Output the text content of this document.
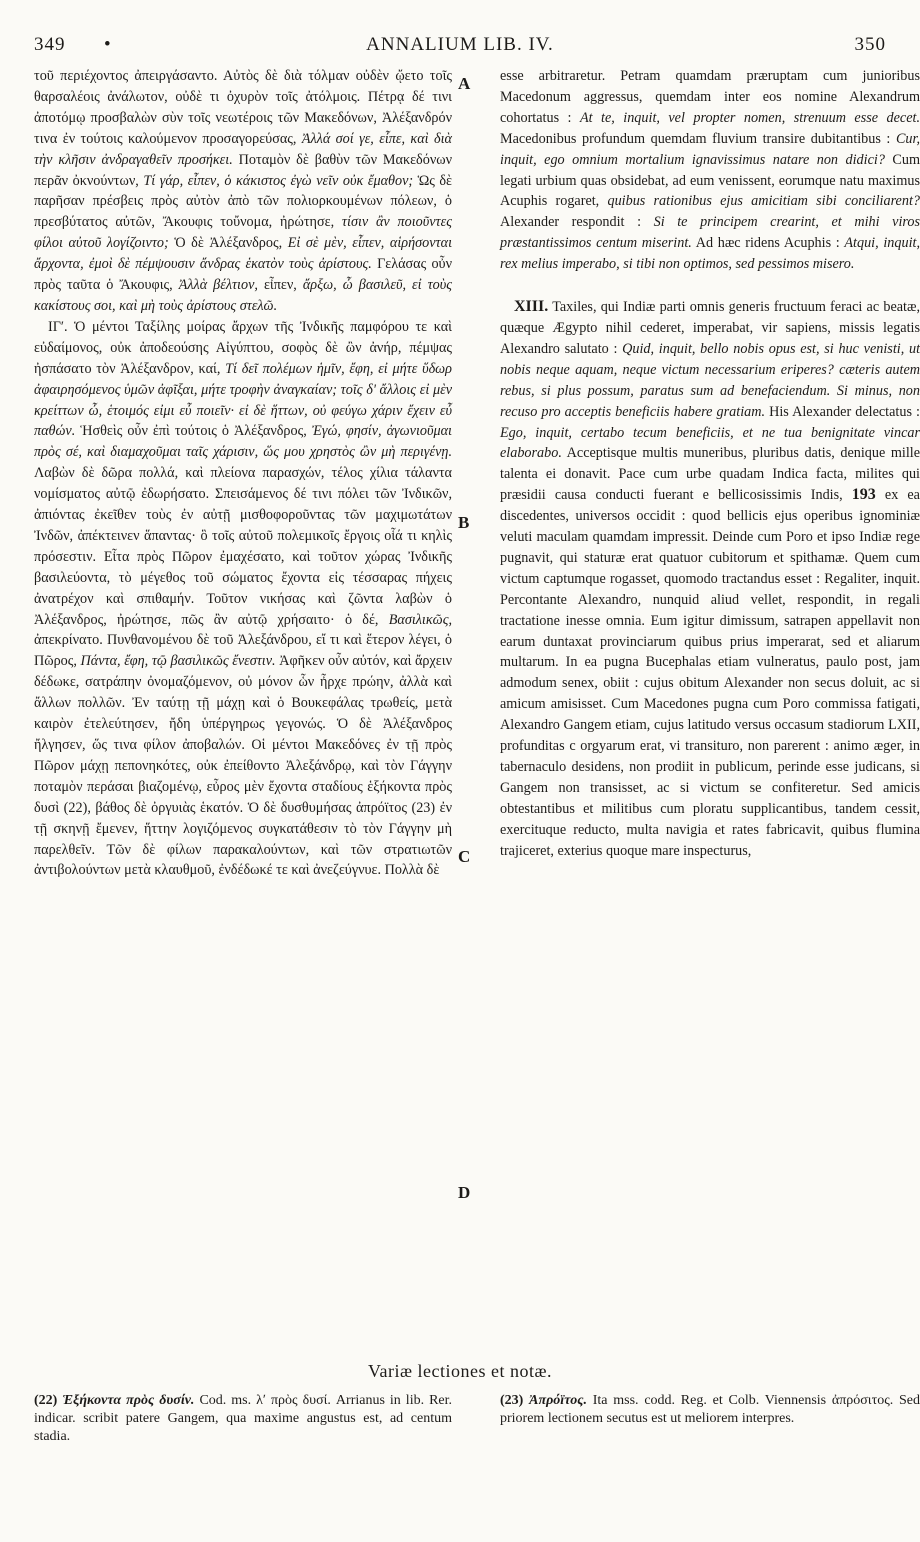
349 •	ANNALIUM LIB. IV.	350
A
B
C
D

τοῦ περιέχοντος ἀπειργάσαντο. Αὐτὸς δὲ διὰ τόλμαν οὐδὲν ᾤετο τοῖς θαρσαλέοις ἀνάλωτον, οὐδὲ τι ὀχυρὸν τοῖς ἀτόλμοις. Πέτρᾳ δέ τινι ἀποτόμῳ προσβαλὼν σὺν τοῖς νεωτέροις τῶν Μακεδόνων, Ἀλέξανδρόν τινα ἐν τούτοις καλούμενον προσαγορεύσας, Ἀλλά σοί γε, εἶπε, καὶ διὰ τὴν κλῆσιν ἀνδραγαθεῖν προσήκει. Ποταμὸν δὲ βαθὺν τῶν Μακεδόνων περᾶν ὀκνούντων, Τί γάρ, εἶπεν, ὁ κάκιστος ἐγὼ νεῖν οὐκ ἔμαθον; Ὡς δὲ παρῆσαν πρέσβεις πρὸς αὐτὸν ἀπὸ τῶν πολιορκουμένων πόλεων, ὁ πρεσβύτατος αὐτῶν, Ἄκουφις τοὔνομα, ἠρώτησε, τίσιν ἂν ποιοῦντες φίλοι αὐτοῦ λογίζοιντο; Ὁ δὲ Ἀλέξανδρος, Εἰ σὲ μὲν, εἶπεν, αἱρήσονται ἄρχοντα, ἐμοὶ δὲ πέμψουσιν ἄνδρας ἑκατὸν τοὺς ἀρίστους. Γελάσας οὖν πρὸς ταῦτα ὁ Ἄκουφις, Ἀλλὰ βέλτιον, εἶπεν, ἄρξω, ὦ βασιλεῦ, εἰ τοὺς κακίστους σοι, καὶ μὴ τοὺς ἀρίστους στελῶ.

ΙΓʹ. Ὁ μέντοι Ταξίλης μοίρας ἄρχων τῆς Ἰνδικῆς παμφόρου τε καὶ εὐδαίμονος, οὐκ ἀποδεούσης Αἰγύπτου, σοφὸς δὲ ὢν ἀνήρ, πέμψας ἠσπάσατο τὸν Ἀλέξανδρον, καί, Τί δεῖ πολέμων ἡμῖν, ἔφη, εἰ μήτε ὕδωρ ἀφαιρησόμενος ὑμῶν ἀφῖξαι, μήτε τροφὴν ἀναγκαίαν; τοῖς δ' ἄλλοις εἰ μὲν κρείττων ὦ, ἑτοιμός εἰμι εὖ ποιεῖν· εἰ δὲ ἥττων, οὐ φεύγω χάριν ἔχειν εὖ παθών. Ἡσθεὶς οὖν ἐπὶ τούτοις ὁ Ἀλέξανδρος, Ἐγώ, φησίν, ἀγωνιοῦμαι πρὸς σέ, καὶ διαμαχοῦμαι ταῖς χάρισιν, ὥς μου χρηστὸς ὢν μὴ περιγένῃ. Λαβὼν δὲ δῶρα πολλά, καὶ πλείονα παρασχών, τέλος χίλια τάλαντα νομίσματος αὐτῷ ἐδωρήσατο. Σπεισάμενος δέ τινι πόλει τῶν Ἰνδικῶν, ἀπιόντας ἐκεῖθεν τοὺς ἐν αὐτῇ μισθοφοροῦντας τῶν μαχιμωτάτων Ἰνδῶν, ἀπέκτεινεν ἅπαντας· ὃ τοῖς αὐτοῦ πολεμικοῖς ἔργοις οἷά τι κηλὶς πρόσεστιν. Εἶτα πρὸς Πῶρον ἐμαχέσατο, καὶ τοῦτον χώρας Ἰνδικῆς βασιλεύοντα, τὸ μέγεθος τοῦ σώματος ἔχοντα εἰς τέσσαρας πήχεις ἀνατρέχον καὶ σπιθαμήν. Τοῦτον νικήσας καὶ ζῶντα λαβὼν ὁ Ἀλέξανδρος, ἠρώτησε, πῶς ἂν αὐτῷ χρήσαιτο· ὁ δέ, Βασιλικῶς, ἀπεκρίνατο. Πυνθανομένου δὲ τοῦ Ἀλεξάνδρου, εἴ τι καὶ ἕτερον λέγει, ὁ Πῶρος, Πάντα, ἔφη, τῷ βασιλικῶς ἔνεστιν. Ἀφῆκεν οὖν αὐτόν, καὶ ἄρχειν δέδωκε, σατράπην ὀνομαζόμενον, οὐ μόνον ὧν ἦρχε πρώην, ἀλλὰ καὶ ἄλλων πολλῶν. Ἐν ταύτῃ τῇ μάχῃ καὶ ὁ Βουκεφάλας τρωθείς, μετὰ καιρὸν ἐτελεύτησεν, ἤδη ὑπέργηρως γεγονώς. Ὁ δὲ Ἀλέξανδρος ἤλγησεν, ὥς τινα φίλον ἀποβαλών. Οἱ μέντοι Μακεδόνες ἐν τῇ πρὸς Πῶρον μάχῃ πεπονηκότες, οὐκ ἐπείθοντο Ἀλεξάνδρῳ, καὶ τὸν Γάγγην ποταμὸν περάσαι βιαζομένῳ, εὖρος μὲν ἔχοντα σταδίους ἑξήκοντα πρὸς δυσὶ (22), βάθος δὲ ὀργυιὰς ἑκατόν. Ὁ δὲ δυσθυμήσας ἀπρόϊτος (23) ἐν τῇ σκηνῇ ἔμενεν, ἥττην λογιζόμενος συγκατάθεσιν τὸ τὸν Γάγγην μὴ παρελθεῖν. Τῶν δὲ φίλων παρακαλούντων, καὶ τῶν στρατιωτῶν ἀντιβολούντων μετὰ κλαυθμοῦ, ἐνδέδωκέ τε καὶ ἀνεζεύγνυε. Πολλὰ δὲ

esse arbitraretur. Petram quamdam præruptam cum junioribus Macedonum aggressus, quemdam inter eos nomine Alexandrum cohortatus : At te, inquit, vel propter nomen, strenuum esse decet. Macedonibus profundum quemdam fluvium transire dubitantibus : Cur, inquit, ego omnium mortalium ignavissimus natare non didici? Cum legati urbium quas obsidebat, ad eum venissent, eorumque natu maximus Acuphis rogaret, quibus rationibus ejus amicitiam sibi conciliarent? Alexander respondit : Si te principem crearint, et mihi viros præstantissimos centum miserint. Ad hæc ridens Acuphis : Atqui, inquit, rex melius imperabo, si tibi non optimos, sed pessimos misero.

XIII. Taxiles, qui Indiæ parti omnis generis fructuum feraci ac beatæ, quæque Ægypto nihil cederet, imperabat, vir sapiens, missis legatis Alexandro salutato : Quid, inquit, bello nobis opus est, si huc venisti, ut nobis neque aquam, neque victum necessarium eriperes? cæteris autem rebus, si plus possum, paratus sum ad benefaciendum. Si minus, non recuso pro acceptis beneficiis habere gratiam. His Alexander delectatus : Ego, inquit, certabo tecum beneficiis, et ne tua benignitate vincar elaborabo. Acceptisque multis muneribus, pluribus datis, denique mille talenta ei donavit. Pace cum urbe quadam Indica facta, milites qui præsidii causa conducti fuerant e bellicosissimis Indis, 193 ex ea discedentes, universos occidit : quod bellicis ejus operibus ignominiæ veluti maculam quamdam impressit. Deinde cum Poro et ipso Indiæ rege pugnavit, qui staturæ erat quatuor cubitorum et spithamæ. Quem cum victum captumque rogasset, quomodo tractandus esset : Regaliter, inquit. Percontante Alexandro, nunquid aliud vellet, respondit, in regali tractatione inesse omnia. Eum igitur dimissum, satrapen appellavit non earum duntaxat provinciarum quibus prius imperarat, sed et aliarum multarum. In ea pugna Bucephalas etiam vulneratus, paulo post, jam admodum senex, obiit : cujus obitum Alexander non secus doluit, ac si amicum amisisset. Cum Macedones pugna cum Poro commissa fatigati, Alexandro Gangem etiam, cujus latitudo versus occasum stadiorum LXII, profunditas c orgyarum erat, vi transituro, non parerent : animo æger, in tabernaculo desidens, non prodiit in publicum, perinde esse judicans, si Gangem non transisset, ac si victum se confiteretur. Sed amicis obtestantibus et militibus cum ploratu supplicantibus, tandem cessit, exercituque reducto, multa navigia et rates fabricavit, quibus flumina trajiceret, exterius quoque mare inspecturus,

Variæ lectiones et notæ.
(22) Ἑξήκοντα πρὸς δυσίν. Cod. ms. λʹ πρὸς δυσί. Arrianus in lib. Rer. indicar. scribit patere Gangem, qua maxime angustus est, ad centum stadia.
(23) Ἀπρόϊτος. Ita mss. codd. Reg. et Colb. Viennensis ἀπρόσιτος. Sed priorem lectionem secutus est ut meliorem interpres.
